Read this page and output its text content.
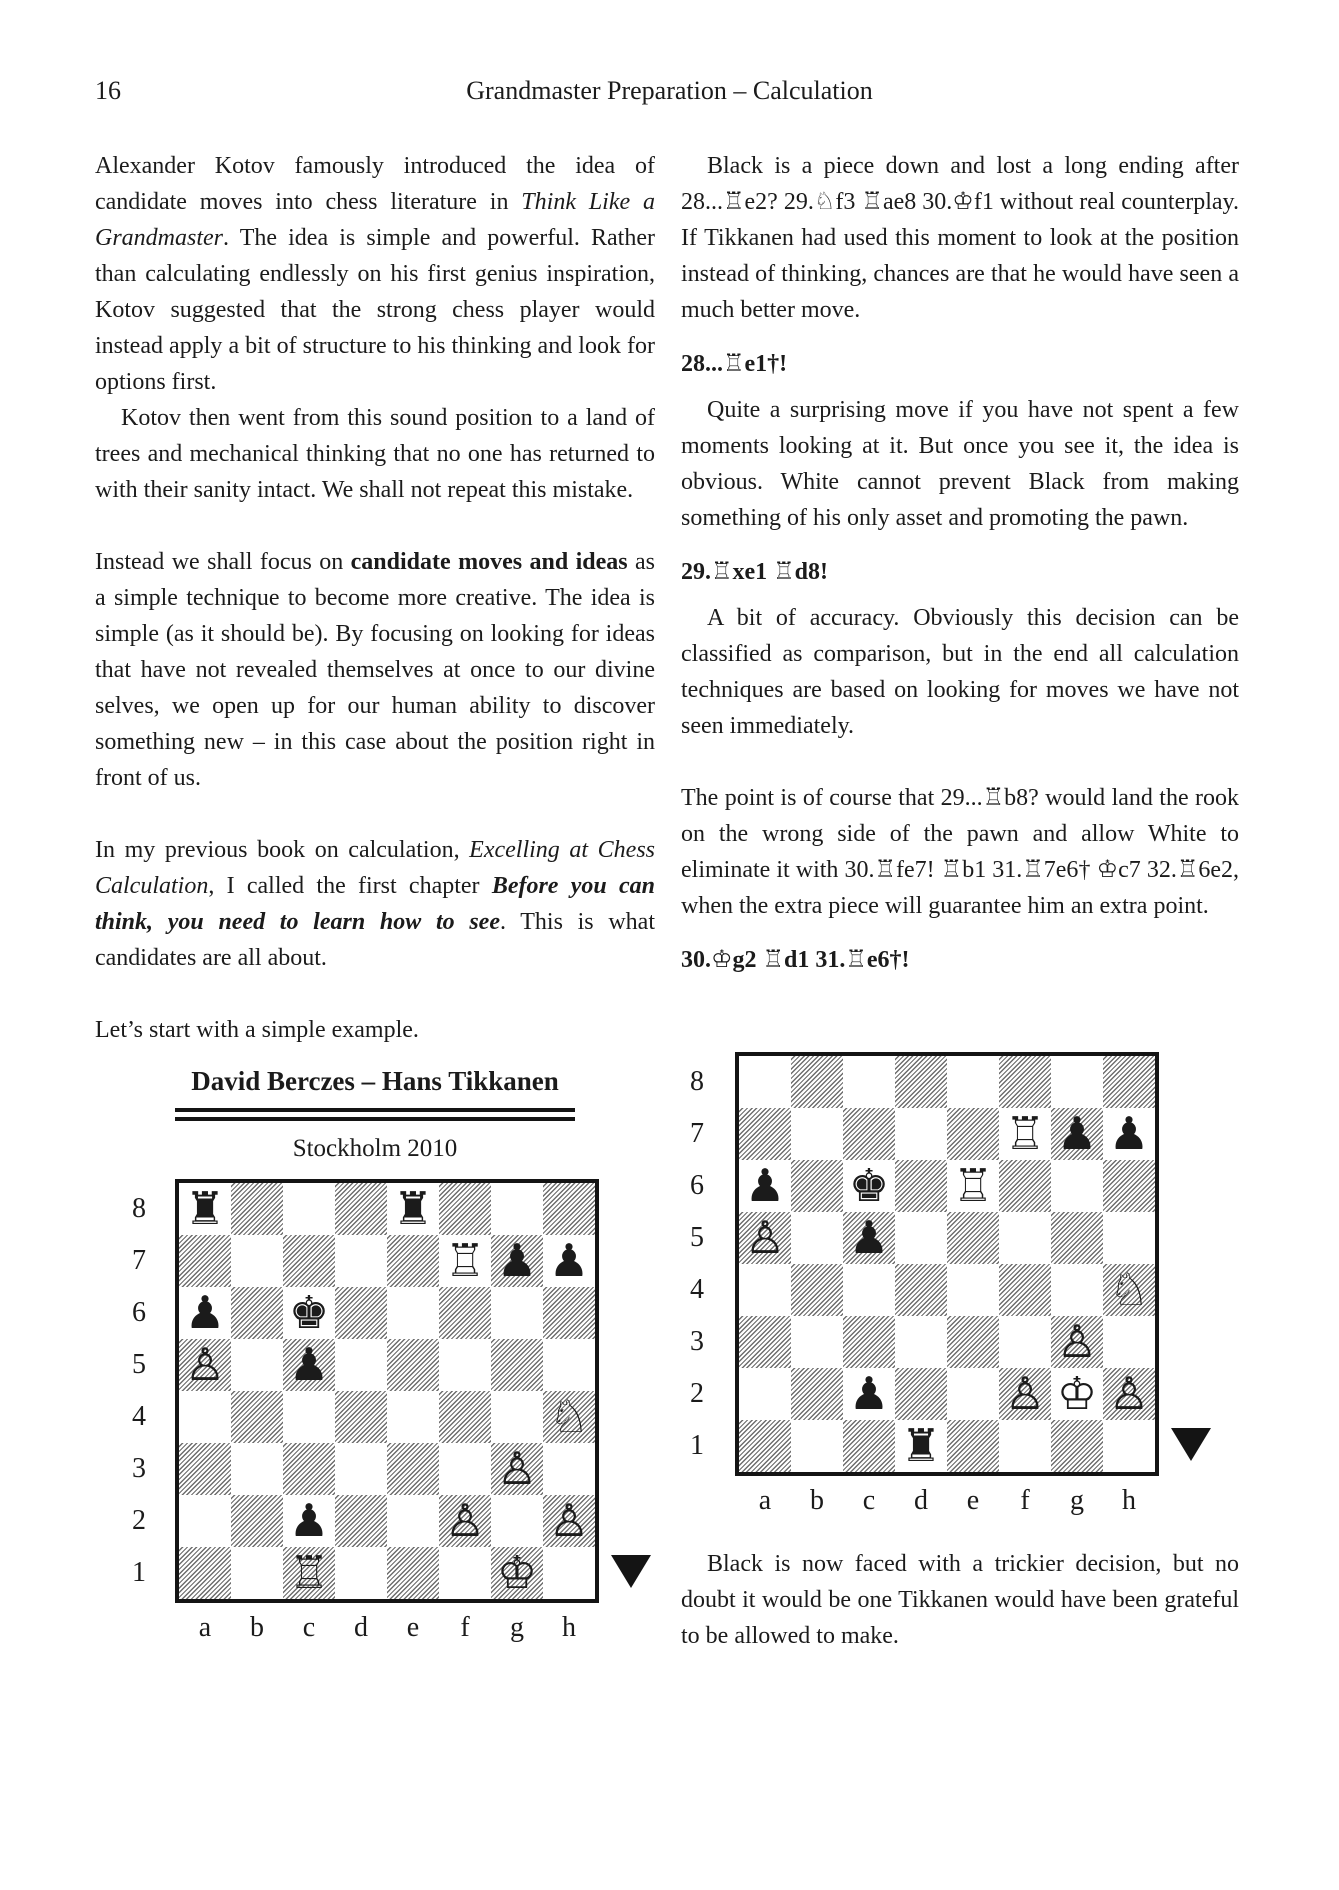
16	Grandmaster Preparation – Calculation

Alexander Kotov famously introduced the idea of candidate moves into chess literature in Think Like a Grandmaster. The idea is simple and powerful. Rather than calculating endlessly on his first genius inspiration, Kotov suggested that the strong chess player would instead apply a bit of structure to his thinking and look for options first.

Kotov then went from this sound position to a land of trees and mechanical thinking that no one has returned to with their sanity intact. We shall not repeat this mistake.

Instead we shall focus on candidate moves and ideas as a simple technique to become more creative. The idea is simple (as it should be). By focusing on looking for ideas that have not revealed themselves at once to our divine selves, we open up for our human ability to discover something new – in this case about the position right in front of us.

In my previous book on calculation, Excelling at Chess Calculation, I called the first chapter Before you can think, you need to learn how to see. This is what candidates are all about.

Let’s start with a simple example.

David Berczes – Hans Tikkanen
Stockholm 2010
8
7
6
5
4
3
2
1
♜	♜
♖ ♟ ♟
♟ ♚
♙ ♟
♘
♙
♟	♙ ♙
♖	♔
a	b	c	d	e	f	g	h

Black is a piece down and lost a long ending after 28...♖e2? 29.♘f3 ♖ae8 30.♔f1 without real counterplay. If Tikkanen had used this moment to look at the position instead of thinking, chances are that he would have seen a much better move.

28...♖e1†!

Quite a surprising move if you have not spent a few moments looking at it. But once you see it, the idea is obvious. White cannot prevent Black from making something of his only asset and promoting the pawn.

29.♖xe1 ♖d8!

A bit of accuracy. Obviously this decision can be classified as comparison, but in the end all calculation techniques are based on looking for moves we have not seen immediately.

The point is of course that 29...♖b8? would land the rook on the wrong side of the pawn and allow White to eliminate it with 30.♖fe7! ♖b1 31.♖7e6† ♔c7 32.♖6e2, when the extra piece will guarantee him an extra point.

30.♔g2 ♖d1 31.♖e6†!

8
7
6
5
4
3
2
1
♖ ♟ ♟
♟ ♚ ♖
♙ ♟
♘
♙
♟	♙ ♔ ♙
♜
a	b	c	d	e	f	g	h

Black is now faced with a trickier decision, but no doubt it would be one Tikkanen would have been grateful to be allowed to make.
